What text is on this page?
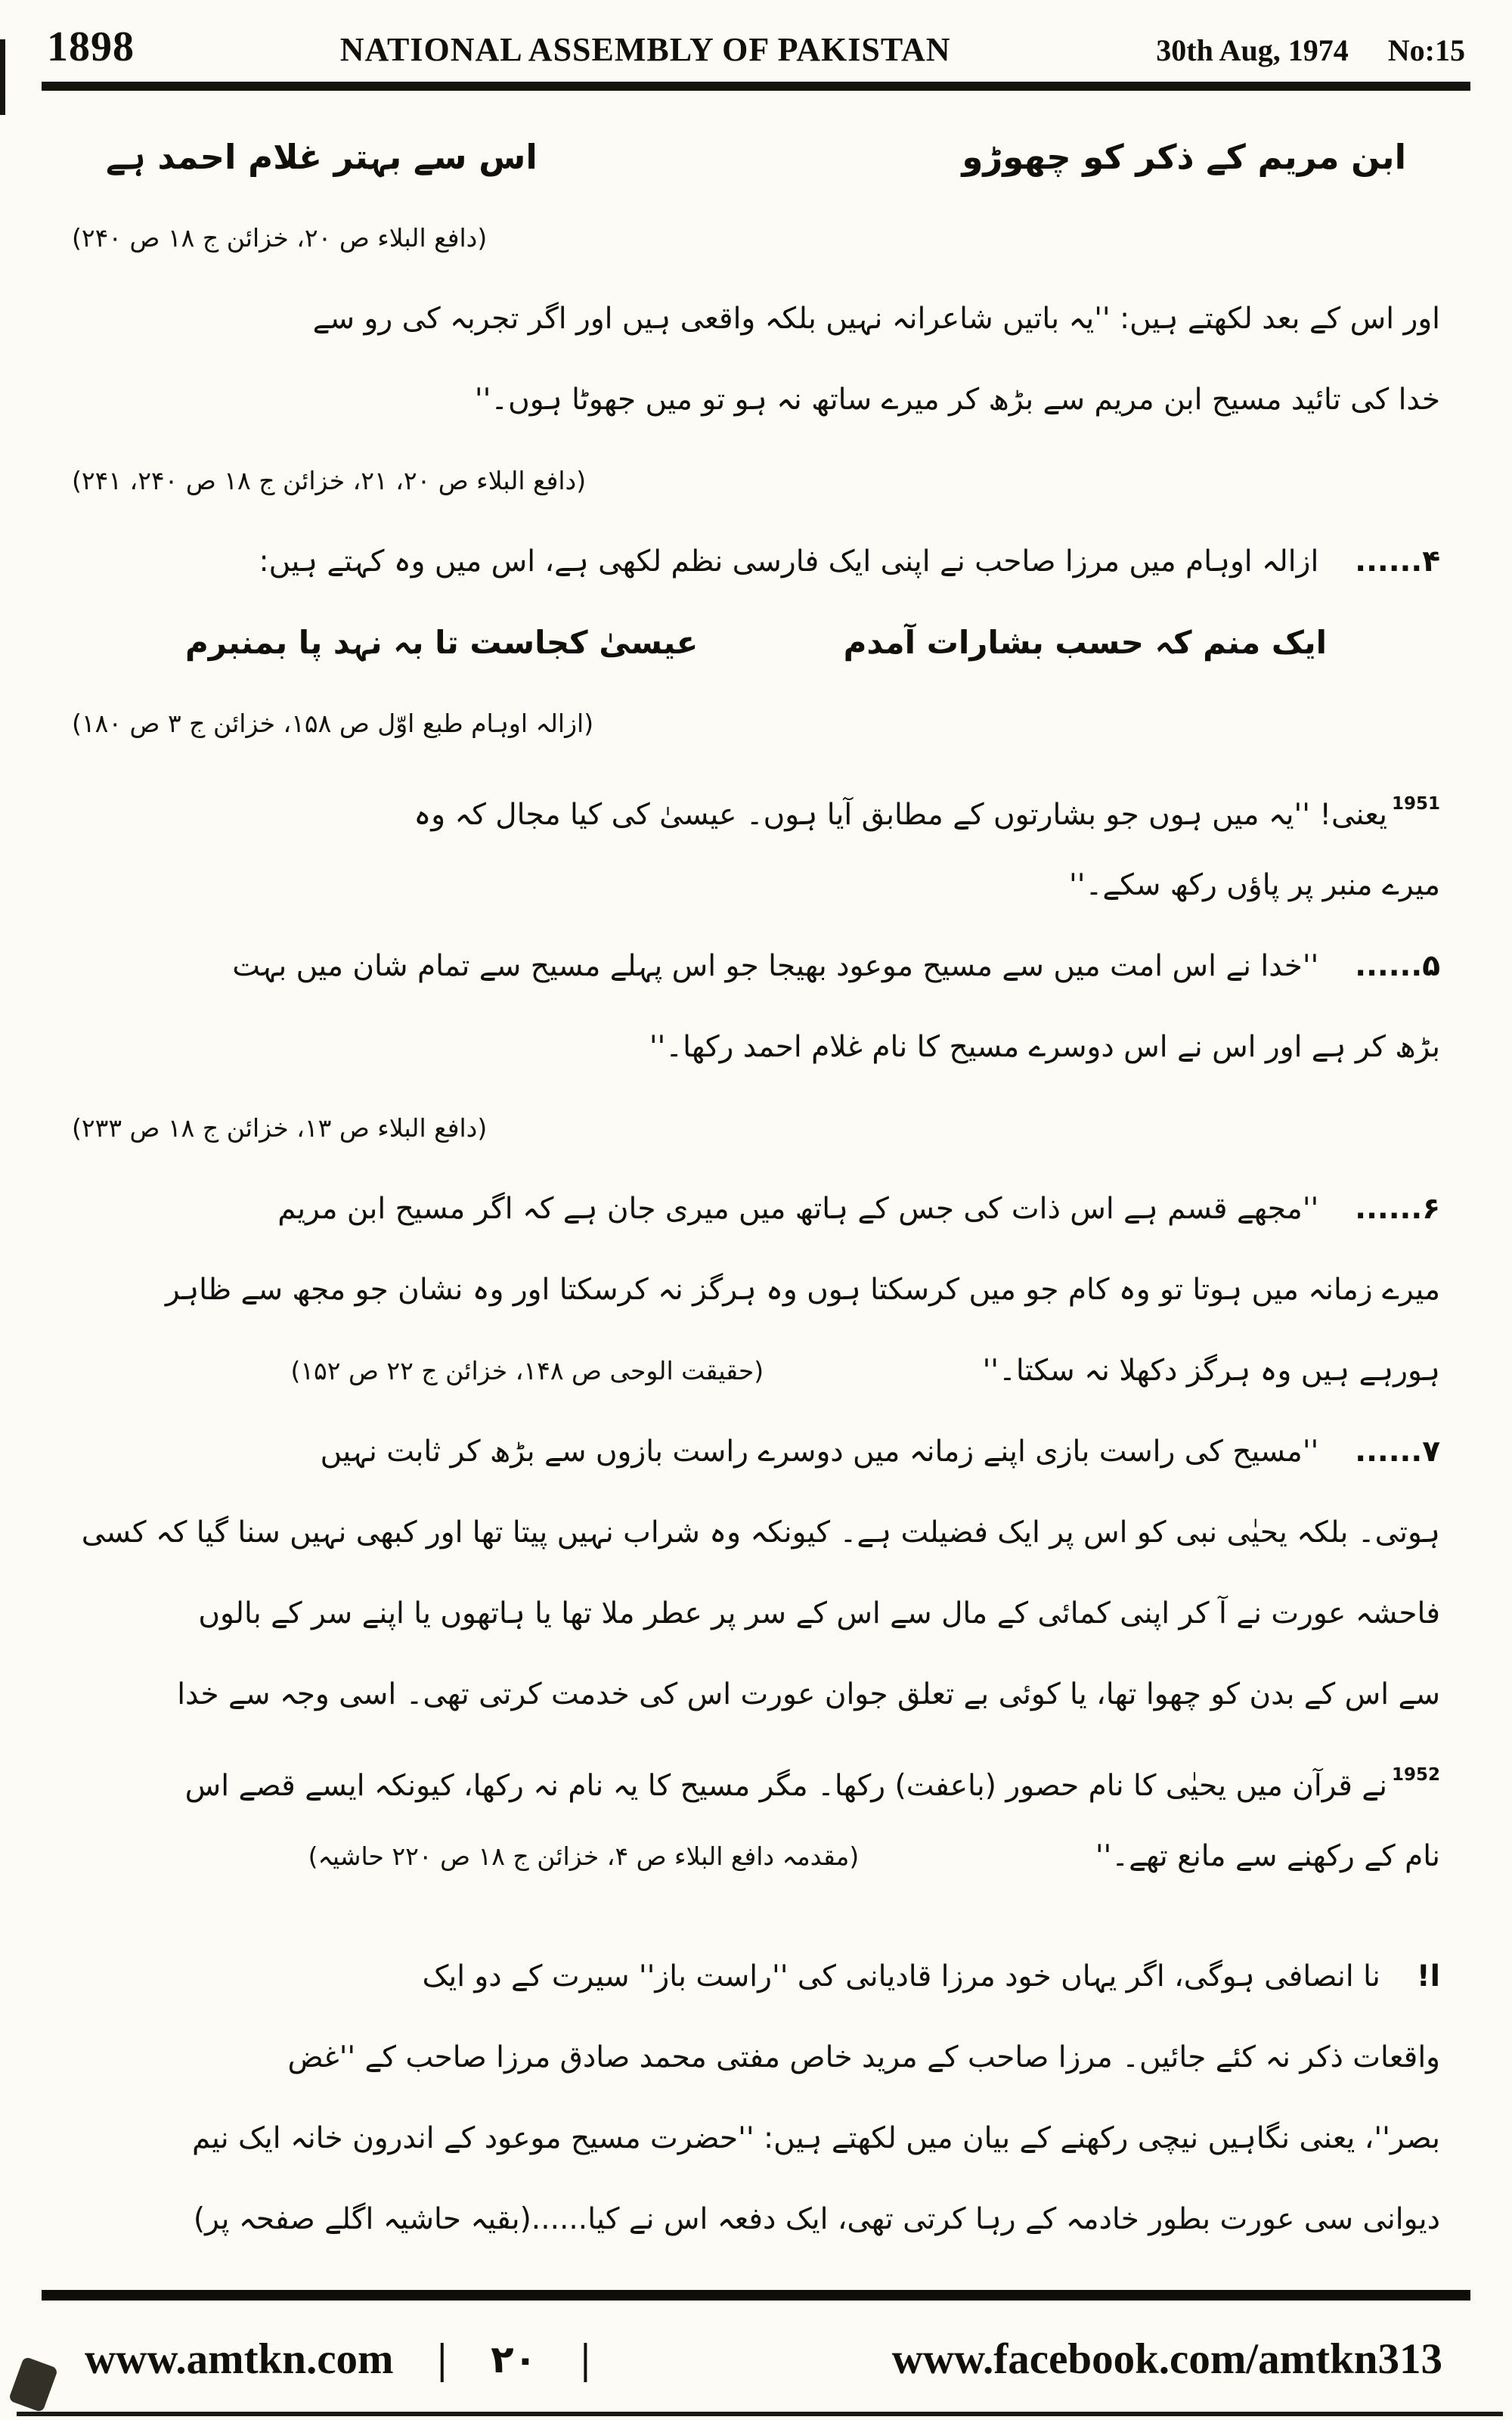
1898	NATIONAL ASSEMBLY OF PAKISTAN	30th Aug, 1974 No:15
ابن مریم کے ذکر کو چھوڑو
اس سے بہتر غلام احمد ہے
(دافع البلاء ص ۲۰، خزائن ج ۱۸ ص ۲۴۰)
اور اس کے بعد لکھتے ہیں: ''یہ باتیں شاعرانہ نہیں بلکہ واقعی ہیں اور اگر تجربہ کی رو سے
خدا کی تائید مسیح ابن مریم سے بڑھ کر میرے ساتھ نہ ہو تو میں جھوٹا ہوں۔''
(دافع البلاء ص ۲۰، ۲۱، خزائن ج ۱۸ ص ۲۴۰، ۲۴۱)
۴......ازالہ اوہام میں مرزا صاحب نے اپنی ایک فارسی نظم لکھی ہے، اس میں وہ کہتے ہیں:
ایک منم کہ حسب بشارات آمدم
عیسیٰ کجاست تا بہ نہد پا بمنبرم
(ازالہ اوہام طبع اوّل ص ۱۵۸، خزائن ج ۳ ص ۱۸۰)
$^{1951}$یعنی! ''یہ میں ہوں جو بشارتوں کے مطابق آیا ہوں۔ عیسیٰ کی کیا مجال کہ وہ
میرے منبر پر پاؤں رکھ سکے۔''
۵......''خدا نے اس امت میں سے مسیح موعود بھیجا جو اس پہلے مسیح سے تمام شان میں بہت
بڑھ کر ہے اور اس نے اس دوسرے مسیح کا نام غلام احمد رکھا۔''
(دافع البلاء ص ۱۳، خزائن ج ۱۸ ص ۲۳۳)
۶......''مجھے قسم ہے اس ذات کی جس کے ہاتھ میں میری جان ہے کہ اگر مسیح ابن مریم
میرے زمانہ میں ہوتا تو وہ کام جو میں کرسکتا ہوں وہ ہرگز نہ کرسکتا اور وہ نشان جو مجھ سے ظاہر
ہورہے ہیں وہ ہرگز دکھلا نہ سکتا۔''
(حقیقت الوحی ص ۱۴۸، خزائن ج ۲۲ ص ۱۵۲)
۷......''مسیح کی راست بازی اپنے زمانہ میں دوسرے راست بازوں سے بڑھ کر ثابت نہیں
ہوتی۔ بلکہ یحیٰی نبی کو اس پر ایک فضیلت ہے۔ کیونکہ وہ شراب نہیں پیتا تھا اور کبھی نہیں سنا گیا کہ کسی
فاحشہ عورت نے آ کر اپنی کمائی کے مال سے اس کے سر پر عطر ملا تھا یا ہاتھوں یا اپنے سر کے بالوں
سے اس کے بدن کو چھوا تھا، یا کوئی بے تعلق جوان عورت اس کی خدمت کرتی تھی۔ اسی وجہ سے خدا
$^{1952}$نے قرآن میں یحیٰی کا نام حصور (باعفت) رکھا۔ مگر مسیح کا یہ نام نہ رکھا، کیونکہ ایسے قصے اس
نام کے رکھنے سے مانع تھے۔''
(مقدمہ دافع البلاء ص ۴، خزائن ج ۱۸ ص ۲۲۰ حاشیہ)
ا!نا انصافی ہوگی، اگر یہاں خود مرزا قادیانی کی ''راست باز'' سیرت کے دو ایک
واقعات ذکر نہ کئے جائیں۔ مرزا صاحب کے مرید خاص مفتی محمد صادق مرزا صاحب کے ''غض
بصر''، یعنی نگاہیں نیچی رکھنے کے بیان میں لکھتے ہیں: ''حضرت مسیح موعود کے اندرون خانہ ایک نیم
دیوانی سی عورت بطور خادمہ کے رہا کرتی تھی، ایک دفعہ اس نے کیا......(بقیہ حاشیہ اگلے صفحہ پر)
www.amtkn.com | ۲۰ |	www.facebook.com/amtkn313
